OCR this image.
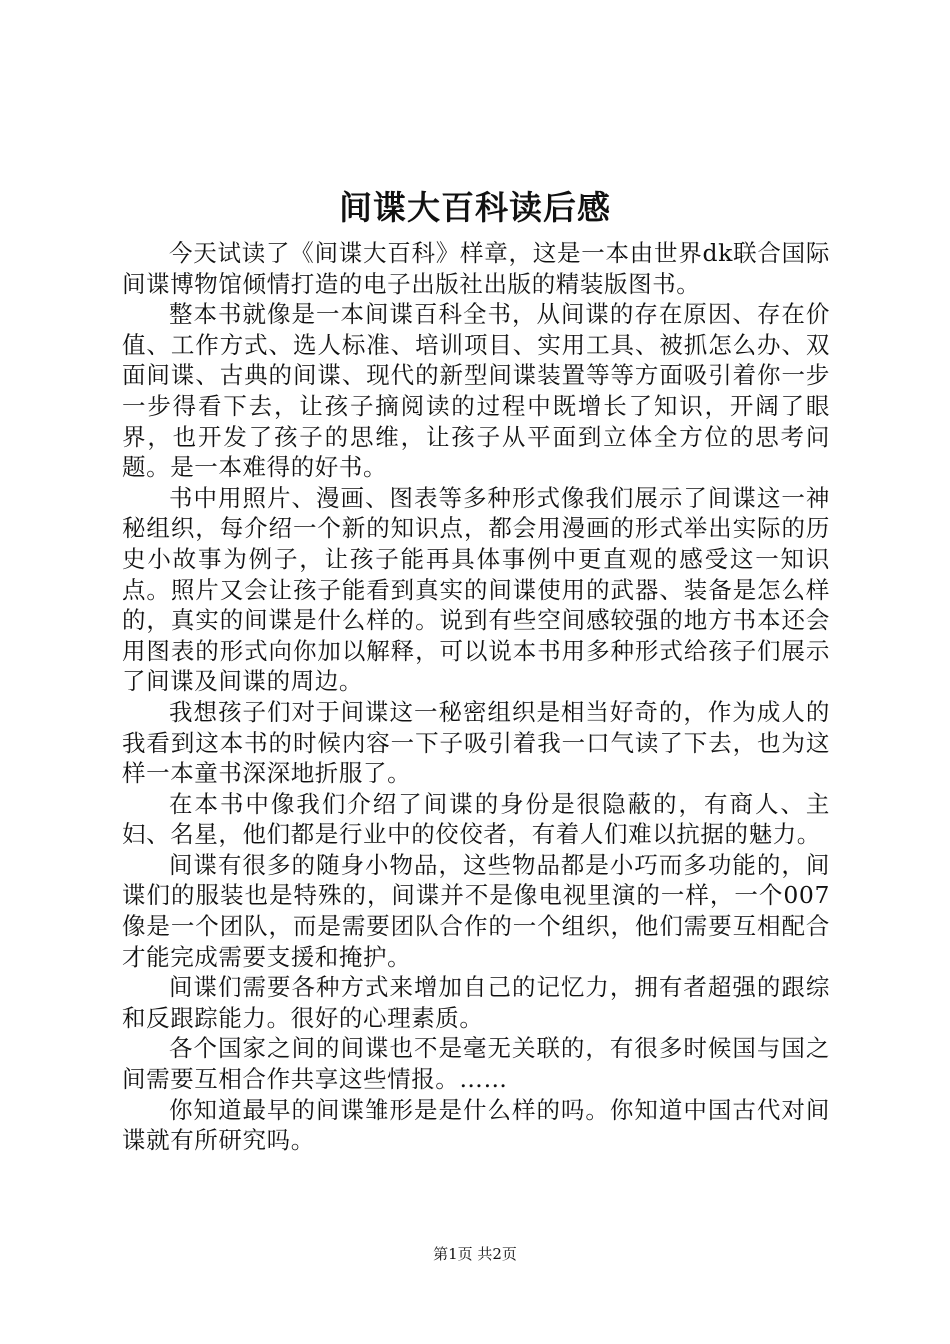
间谍大百科读后感

今天试读了《间谍大百科》样章，这是一本由世界dk联合国际间谍博物馆倾情打造的电子出版社出版的精装版图书。

整本书就像是一本间谍百科全书，从间谍的存在原因、存在价值、工作方式、选人标准、培训项目、实用工具、被抓怎么办、双面间谍、古典的间谍、现代的新型间谍装置等等方面吸引着你一步一步得看下去，让孩子摘阅读的过程中既增长了知识，开阔了眼界，也开发了孩子的思维，让孩子从平面到立体全方位的思考问题。是一本难得的好书。

书中用照片、漫画、图表等多种形式像我们展示了间谍这一神秘组织，每介绍一个新的知识点，都会用漫画的形式举出实际的历史小故事为例子，让孩子能再具体事例中更直观的感受这一知识点。照片又会让孩子能看到真实的间谍使用的武器、装备是怎么样的，真实的间谍是什么样的。说到有些空间感较强的地方书本还会用图表的形式向你加以解释，可以说本书用多种形式给孩子们展示了间谍及间谍的周边。

我想孩子们对于间谍这一秘密组织是相当好奇的，作为成人的我看到这本书的时候内容一下子吸引着我一口气读了下去，也为这样一本童书深深地折服了。

在本书中像我们介绍了间谍的身份是很隐蔽的，有商人、主妇、名星，他们都是行业中的佼佼者，有着人们难以抗据的魅力。

间谍有很多的随身小物品，这些物品都是小巧而多功能的，间谍们的服装也是特殊的，间谍并不是像电视里演的一样，一个007像是一个团队，而是需要团队合作的一个组织，他们需要互相配合才能完成需要支援和掩护。

间谍们需要各种方式来增加自己的记忆力，拥有者超强的跟综和反跟踪能力。很好的心理素质。

各个国家之间的间谍也不是毫无关联的，有很多时候国与国之间需要互相合作共享这些情报。……

你知道最早的间谍雏形是是什么样的吗。你知道中国古代对间谍就有所研究吗。

第1页 共2页
